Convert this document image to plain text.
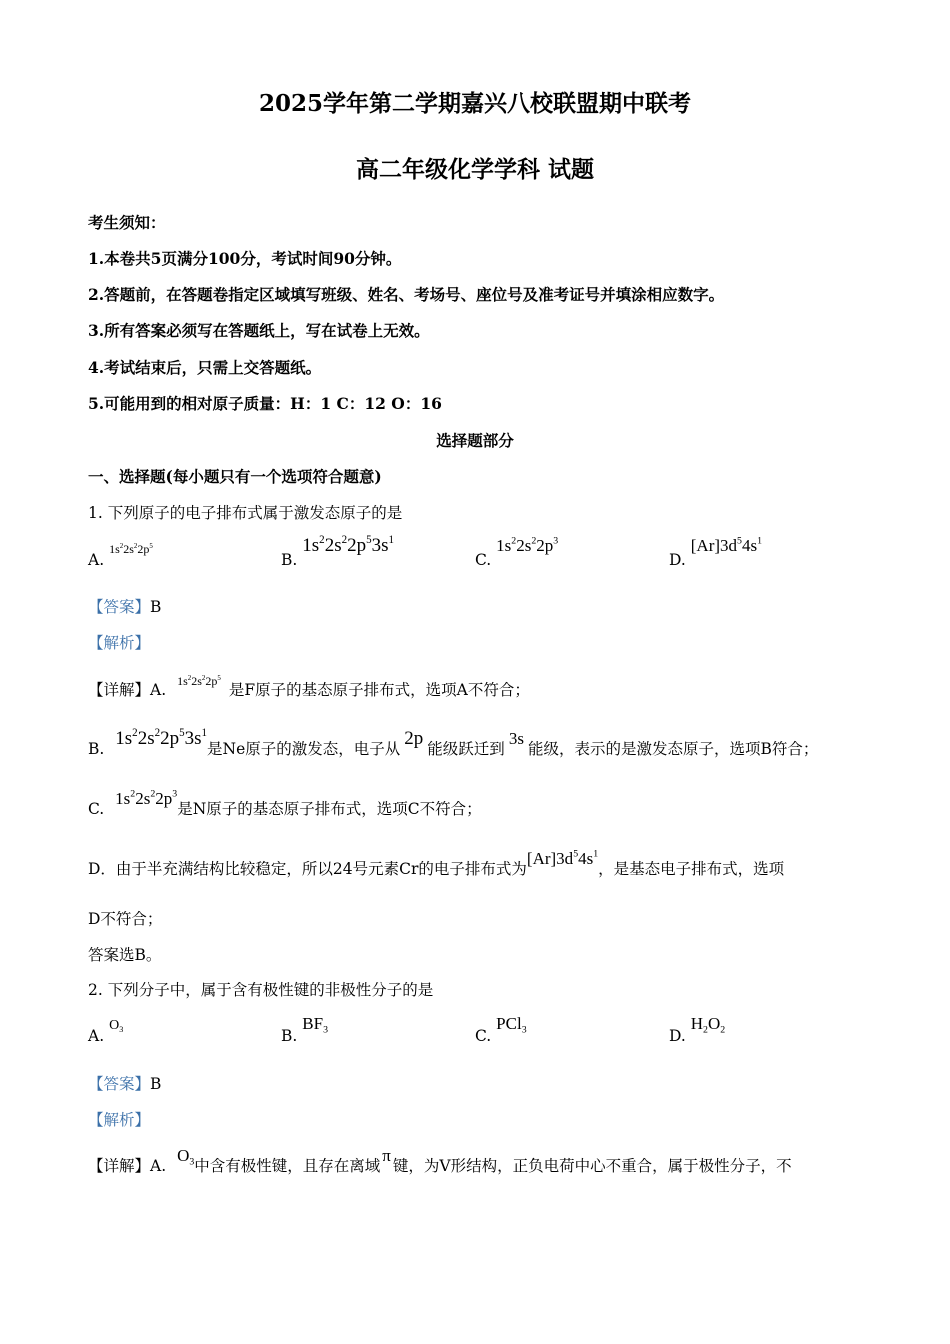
2025学年第二学期嘉兴八校联盟期中联考
高二年级化学学科 试题
考生须知：
1.本卷共5页满分100分，考试时间90分钟。
2.答题前，在答题卷指定区域填写班级、姓名、考场号、座位号及准考证号并填涂相应数字。
3.所有答案必须写在答题纸上，写在试卷上无效。
4.考试结束后，只需上交答题纸。
5.可能用到的相对原子质量：H：1 C：12 O：16
选择题部分
一、选择题(每小题只有一个选项符合题意)
1. 下列原子的电子排布式属于激发态原子的是
A. $1s^22s^22p^5$
B. $1s^22s^22p^53s^1$
C. $1s^22s^22p^3$
D. $[Ar]3d^54s^1$
【答案】B
【解析】
【详解】A. $1s^22s^22p^5$是F原子的基态原子排布式，选项A不符合；
B. $1s^22s^22p^53s^1$是Ne原子的激发态，电子从 2p 能级跃迁到3s能级，表示的是激发态原子，选项B符合；
C. $1s^22s^22p^3$是N原子的基态原子排布式，选项C不符合；
D．由于半充满结构比较稳定，所以24号元素Cr的电子排布式为$[Ar]3d^54s^1$，是基态电子排布式，选项
D不符合；
答案选B。
2. 下列分子中，属于含有极性键的非极性分子的是
A. $O_3$	B. $BF_3$	C. PCl$_3$	D. $H_2O_2$
【答案】B
【解析】
【详解】A. $O_3$中含有极性键，且存在离域π键，为V形结构，正负电荷中心不重合，属于极性分子，不
